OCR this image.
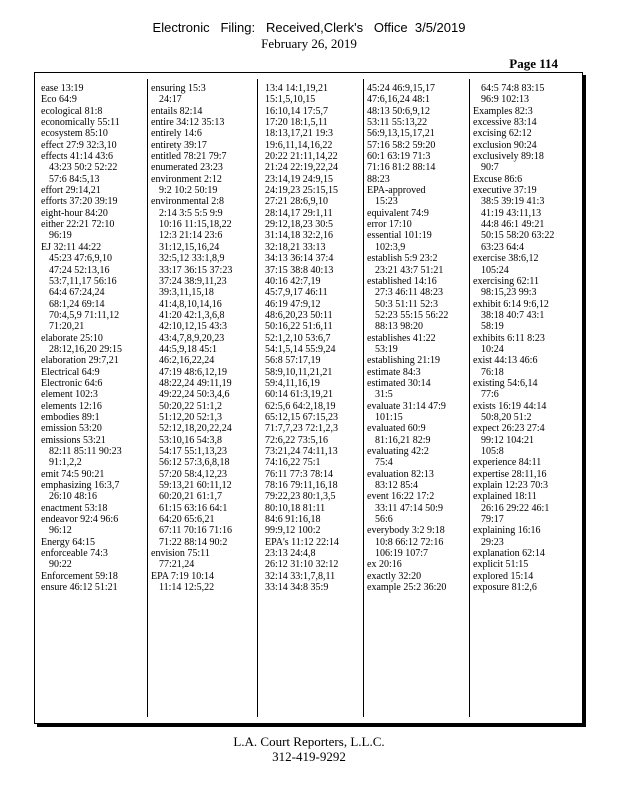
Electronic   Filing:   Received,Clerk's   Office  3/5/2019
February 26, 2019
Page 114
ease 13:19
Eco 64:9
ecological 81:8
economically 55:11
ecosystem 85:10
effect 27:9 32:3,10
effects 41:14 43:6
43:23 50:2 52:22
57:6 84:5,13
effort 29:14,21
efforts 37:20 39:19
eight-hour 84:20
either 22:21 72:10
96:19
EJ 32:11 44:22
45:23 47:6,9,10
47:24 52:13,16
53:7,11,17 56:16
64:4 67:24,24
68:1,24 69:14
70:4,5,9 71:11,12
71:20,21
elaborate 25:10
28:12,16,20 29:15
elaboration 29:7,21
Electrical 64:9
Electronic 64:6
element 102:3
elements 12:16
embodies 89:1
emission 53:20
emissions 53:21
82:11 85:11 90:23
91:1,2,2
emit 74:5 90:21
emphasizing 16:3,7
26:10 48:16
enactment 53:18
endeavor 92:4 96:6
96:12
Energy 64:15
enforceable 74:3
90:22
Enforcement 59:18
ensure 46:12 51:21
ensuring 15:3
24:17
entails 82:14
entire 34:12 35:13
entirely 14:6
entirety 39:17
entitled 78:21 79:7
enumerated 23:23
environment 2:12
9:2 10:2 50:19
environmental 2:8
2:14 3:5 5:5 9:9
10:16 11:15,18,22
12:3 21:14 23:6
31:12,15,16,24
32:5,12 33:1,8,9
33:17 36:15 37:23
37:24 38:9,11,23
39:3,11,15,18
41:4,8,10,14,16
41:20 42:1,3,6,8
42:10,12,15 43:3
43:4,7,8,9,20,23
44:5,9,18 45:1
46:2,16,22,24
47:19 48:6,12,19
48:22,24 49:11,19
49:22,24 50:3,4,6
50:20,22 51:1,2
51:12,20 52:1,3
52:12,18,20,22,24
53:10,16 54:3,8
54:17 55:1,13,23
56:12 57:3,6,8,18
57:20 58:4,12,23
59:13,21 60:11,12
60:20,21 61:1,7
61:15 63:16 64:1
64:20 65:6,21
67:11 70:16 71:16
71:22 88:14 90:2
envision 75:11
77:21,24
EPA 7:19 10:14
11:14 12:5,22
13:4 14:1,19,21
15:1,5,10,15
16:10,14 17:5,7
17:20 18:1,5,11
18:13,17,21 19:3
19:6,11,14,16,22
20:22 21:11,14,22
21:24 22:19,22,24
23:14,19 24:9,15
24:19,23 25:15,15
27:21 28:6,9,10
28:14,17 29:1,11
29:12,18,23 30:5
31:14,18 32:2,16
32:18,21 33:13
34:13 36:14 37:4
37:15 38:8 40:13
40:16 42:7,19
45:7,9,17 46:11
46:19 47:9,12
48:6,20,23 50:11
50:16,22 51:6,11
52:1,2,10 53:6,7
54:1,5,14 55:9,24
56:8 57:17,19
58:9,10,11,21,21
59:4,11,16,19
60:14 61:3,19,21
62:5,6 64:2,18,19
65:12,15 67:15,23
71:7,7,23 72:1,2,3
72:6,22 73:5,16
73:21,24 74:11,13
74:16,22 75:1
76:11 77:3 78:14
78:16 79:11,16,18
79:22,23 80:1,3,5
80:10,18 81:11
84:6 91:16,18
99:9,12 100:2
EPA's 11:12 22:14
23:13 24:4,8
26:12 31:10 32:12
32:14 33:1,7,8,11
33:14 34:8 35:9
45:24 46:9,15,17
47:6,16,24 48:1
48:13 50:6,9,12
53:11 55:13,22
56:9,13,15,17,21
57:16 58:2 59:20
60:1 63:19 71:3
71:16 81:2 88:14
88:23
EPA-approved
15:23
equivalent 74:9
error 17:10
essential 101:19
102:3,9
establish 5:9 23:2
23:21 43:7 51:21
established 14:16
27:3 46:11 48:23
50:3 51:11 52:3
52:23 55:15 56:22
88:13 98:20
establishes 41:22
53:19
establishing 21:19
estimate 84:3
estimated 30:14
31:5
evaluate 31:14 47:9
101:15
evaluated 60:9
81:16,21 82:9
evaluating 42:2
75:4
evaluation 82:13
83:12 85:4
event 16:22 17:2
33:11 47:14 50:9
56:6
everybody 3:2 9:18
10:8 66:12 72:16
106:19 107:7
ex 20:16
exactly 32:20
example 25:2 36:20
64:5 74:8 83:15
96:9 102:13
Examples 82:3
excessive 83:14
excising 62:12
exclusion 90:24
exclusively 89:18
90:7
Excuse 86:6
executive 37:19
38:5 39:19 41:3
41:19 43:11,13
44:8 46:1 49:21
50:15 58:20 63:22
63:23 64:4
exercise 38:6,12
105:24
exercising 62:11
98:15,23 99:3
exhibit 6:14 9:6,12
38:18 40:7 43:1
58:19
exhibits 6:11 8:23
10:24
exist 44:13 46:6
76:18
existing 54:6,14
77:6
exists 16:19 44:14
50:8,20 51:2
expect 26:23 27:4
99:12 104:21
105:8
experience 84:11
expertise 28:11,16
explain 12:23 70:3
explained 18:11
26:16 29:22 46:1
79:17
explaining 16:16
29:23
explanation 62:14
explicit 51:15
explored 15:14
exposure 81:2,6
L.A. Court Reporters, L.L.C.
312-419-9292
